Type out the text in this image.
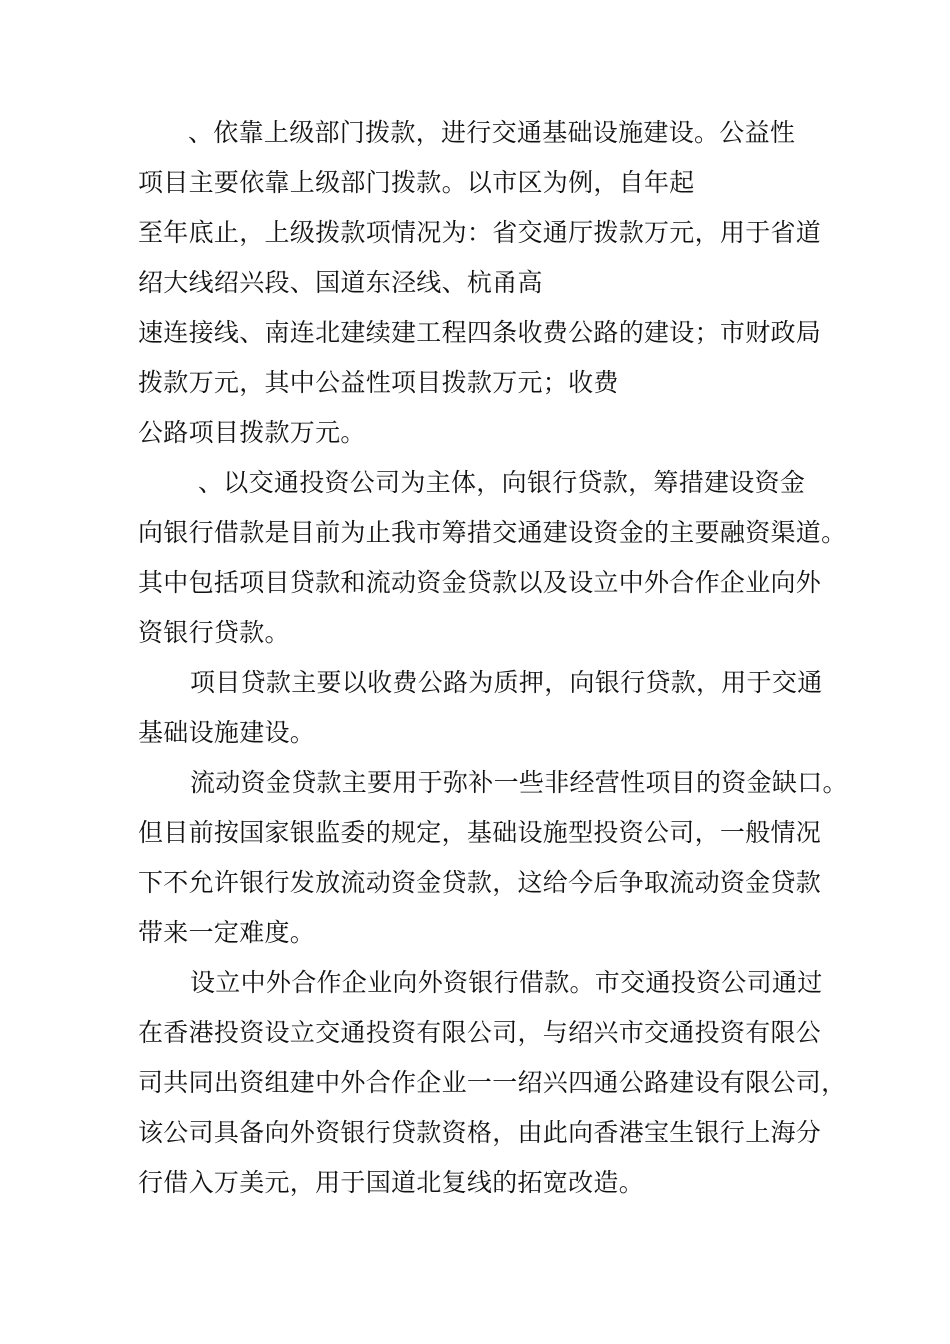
、依靠上级部门拨款，进行交通基础设施建设。公益性
项目主要依靠上级部门拨款。以市区为例，自年起
至年底止，上级拨款项情况为：省交通厅拨款万元，用于省道
绍大线绍兴段、国道东泾线、杭甬高
速连接线、南连北建续建工程四条收费公路的建设；市财政局
拨款万元，其中公益性项目拨款万元；收费
公路项目拨款万元。
、以交通投资公司为主体，向银行贷款，筹措建设资金
向银行借款是目前为止我市筹措交通建设资金的主要融资渠道。
其中包括项目贷款和流动资金贷款以及设立中外合作企业向外
资银行贷款。
项目贷款主要以收费公路为质押，向银行贷款，用于交通
基础设施建设。
流动资金贷款主要用于弥补一些非经营性项目的资金缺口。
但目前按国家银监委的规定，基础设施型投资公司，一般情况
下不允许银行发放流动资金贷款，这给今后争取流动资金贷款
带来一定难度。
设立中外合作企业向外资银行借款。市交通投资公司通过
在香港投资设立交通投资有限公司，与绍兴市交通投资有限公
司共同出资组建中外合作企业一一绍兴四通公路建设有限公司，
该公司具备向外资银行贷款资格，由此向香港宝生银行上海分
行借入万美元，用于国道北复线的拓宽改造。
